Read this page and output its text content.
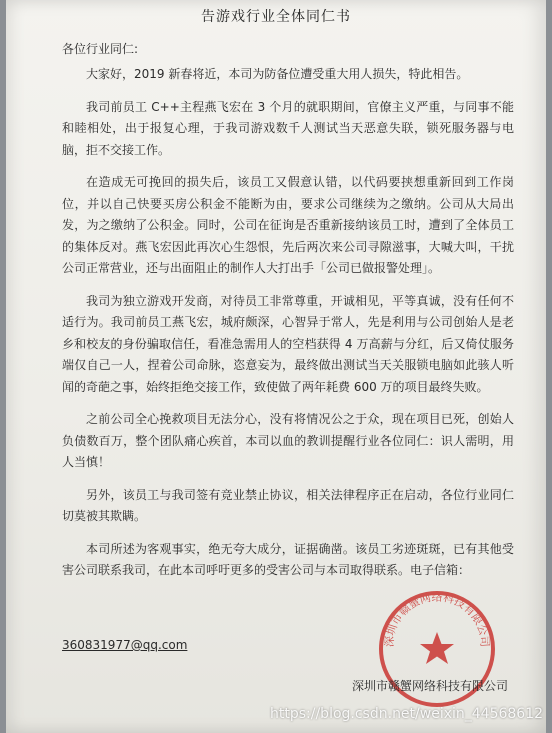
告游戏行业全体同仁书
各位行业同仁:

大家好，2019 新春将近，本司为防备位遭受重大用人损失，特此相告。

我司前员工 C++主程燕飞宏在 3 个月的就职期间，官僚主义严重，与同事不能和睦相处，出于报复心理，于我司游戏数千人测试当天恶意失联，锁死服务器与电脑，拒不交接工作。

在造成无可挽回的损失后，该员工又假意认错，以代码要挟想重新回到工作岗位，并以自己快要买房公积金不能断为由，要求公司继续为之缴纳。公司从大局出发，为之缴纳了公积金。同时，公司在征询是否重新接纳该员工时，遭到了全体员工的集体反对。燕飞宏因此再次心生怨恨，先后两次来公司寻隙滋事，大喊大叫，干扰公司正常营业，还与出面阻止的制作人大打出手「公司已做报警处理」。

我司为独立游戏开发商，对待员工非常尊重，开诚相见，平等真诚，没有任何不适行为。我司前员工燕飞宏，城府颇深，心智异于常人，先是利用与公司创始人是老乡和校友的身份骗取信任，看准急需用人的空档获得 4 万高薪与分红，后又倚仗服务端仅自己一人，捏着公司命脉，恣意妄为，最终做出测试当天关服锁电脑如此骇人听闻的奇葩之事，始终拒绝交接工作，致使做了两年耗费 600 万的项目最终失败。

之前公司全心挽救项目无法分心，没有将情况公之于众，现在项目已死，创始人负债数百万，整个团队痛心疾首，本司以血的教训提醒行业各位同仁：识人需明，用人当慎！

另外，该员工与我司签有竞业禁止协议，相关法律程序正在启动，各位行业同仁切莫被其欺瞒。

本司所述为客观事实，绝无夸大成分，证据确凿。该员工劣迹斑斑，已有其他受害公司联系我司，在此本司呼吁更多的受害公司与本司取得联系。电子信箱：

360831977@qq.com	深圳市赣蟹网络科技有限公司
深圳市赣蟹网络科技有限公司
https://blog.csdn.net/weixin_44568612
